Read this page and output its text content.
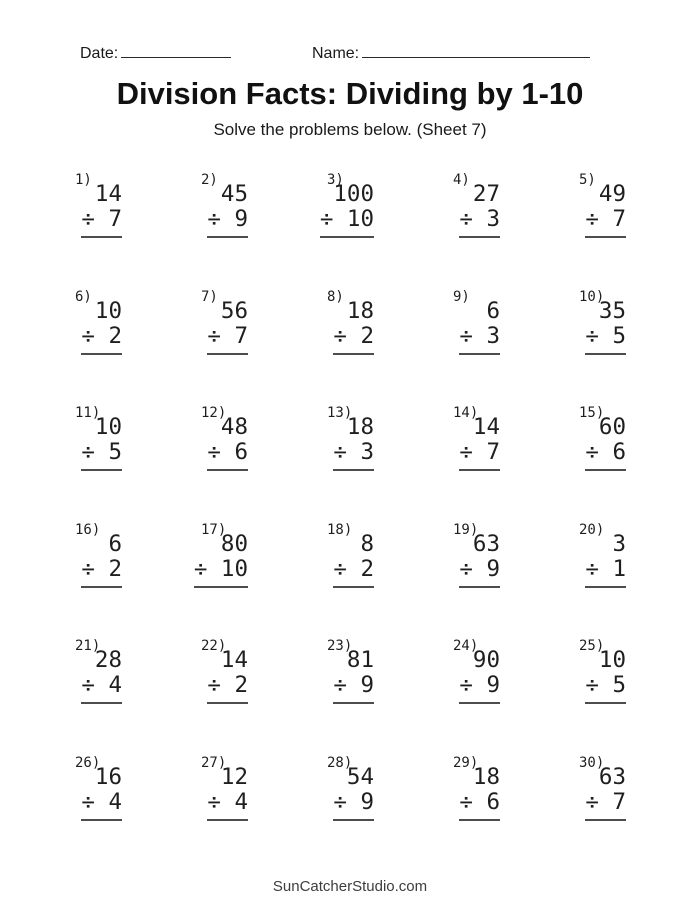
Date:	Name:
Division Facts: Dividing by 1-10
Solve the problems below. (Sheet 7)
1)
14
÷ 7
2)
45
÷ 9
3)
100
÷ 10
4)
27
÷ 3
5)
49
÷ 7
6)
10
÷ 2
7)
56
÷ 7
8)
18
÷ 2
9)
6
÷ 3
10)
35
÷ 5
11)
10
÷ 5
12)
48
÷ 6
13)
18
÷ 3
14)
14
÷ 7
15)
60
÷ 6
16)
6
÷ 2
17)
80
÷ 10
18)
8
÷ 2
19)
63
÷ 9
20)
3
÷ 1
21)
28
÷ 4
22)
14
÷ 2
23)
81
÷ 9
24)
90
÷ 9
25)
10
÷ 5
26)
16
÷ 4
27)
12
÷ 4
28)
54
÷ 9
29)
18
÷ 6
30)
63
÷ 7
SunCatcherStudio.com
